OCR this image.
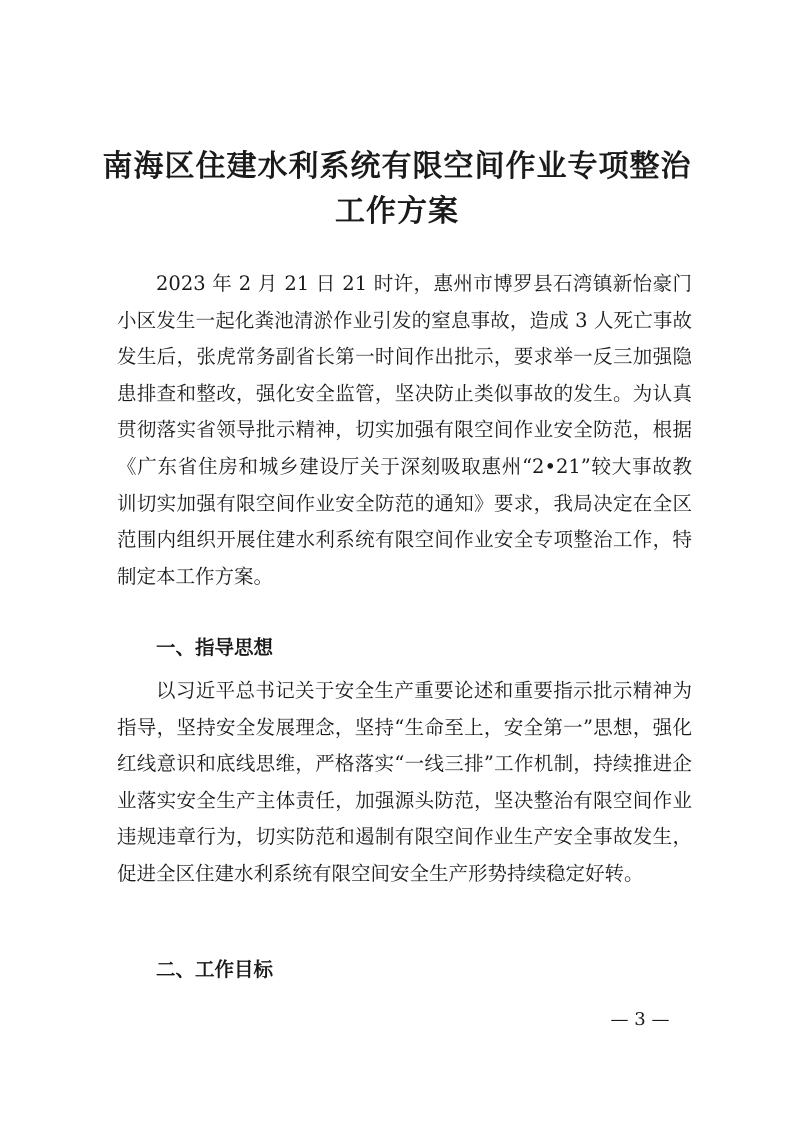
南海区住建水利系统有限空间作业专项整治
工作方案

2023 年 2 月 21 日 21 时许，惠州市博罗县石湾镇新怡豪门小区发生一起化粪池清淤作业引发的窒息事故，造成 3 人死亡事故发生后，张虎常务副省长第一时间作出批示，要求举一反三加强隐患排查和整改，强化安全监管，坚决防止类似事故的发生。为认真贯彻落实省领导批示精神，切实加强有限空间作业安全防范，根据《广东省住房和城乡建设厅关于深刻吸取惠州“2•21”较大事故教训切实加强有限空间作业安全防范的通知》要求，我局决定在全区范围内组织开展住建水利系统有限空间作业安全专项整治工作，特制定本工作方案。

一、指导思想

以习近平总书记关于安全生产重要论述和重要指示批示精神为指导，坚持安全发展理念，坚持“生命至上，安全第一”思想，强化红线意识和底线思维，严格落实“一线三排”工作机制，持续推进企业落实安全生产主体责任，加强源头防范，坚决整治有限空间作业违规违章行为，切实防范和遏制有限空间作业生产安全事故发生，促进全区住建水利系统有限空间安全生产形势持续稳定好转。

二、工作目标
— 3 —
